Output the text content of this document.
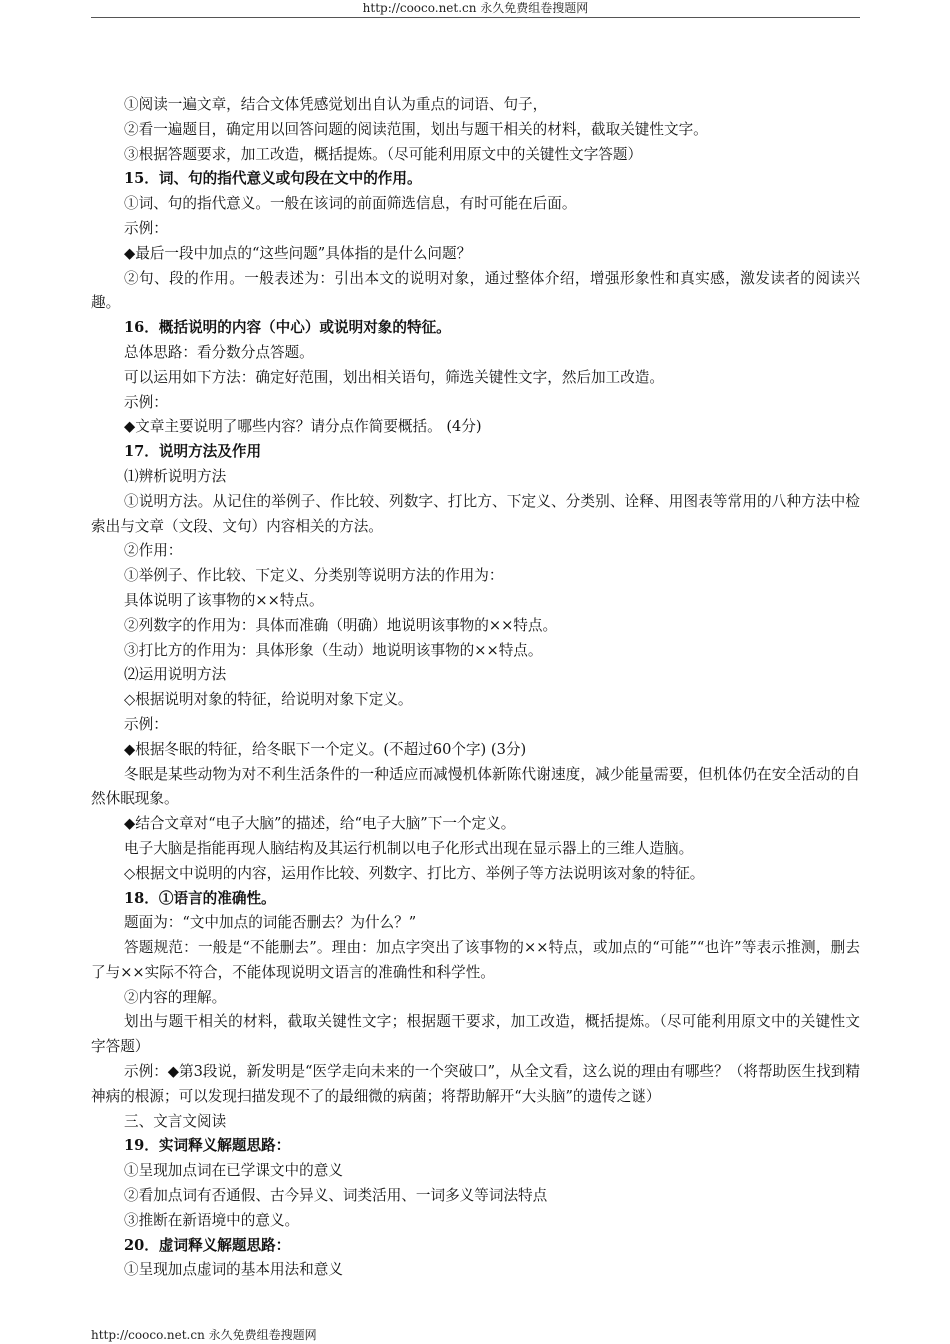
http://cooco.net.cn 永久免费组卷搜题网
①阅读一遍文章，结合文体凭感觉划出自认为重点的词语、句子，
②看一遍题目，确定用以回答问题的阅读范围，划出与题干相关的材料，截取关键性文字。
③根据答题要求，加工改造，概括提炼。（尽可能利用原文中的关键性文字答题）
15．词、句的指代意义或句段在文中的作用。
①词、句的指代意义。一般在该词的前面筛选信息，有时可能在后面。
示例：
◆最后一段中加点的“这些问题”具体指的是什么问题？
②句、段的作用。一般表述为：引出本文的说明对象，通过整体介绍，增强形象性和真实感，激发读者的阅读兴趣。
16．概括说明的内容（中心）或说明对象的特征。
总体思路：看分数分点答题。
可以运用如下方法：确定好范围，划出相关语句，筛选关键性文字，然后加工改造。
示例：
◆文章主要说明了哪些内容？请分点作简要概括。 (4分)
17．说明方法及作用
⑴辨析说明方法
①说明方法。从记住的举例子、作比较、列数字、打比方、下定义、分类别、诠释、用图表等常用的八种方法中检索出与文章（文段、文句）内容相关的方法。
②作用：
①举例子、作比较、下定义、分类别等说明方法的作用为：
具体说明了该事物的××特点。
②列数字的作用为：具体而准确（明确）地说明该事物的××特点。
③打比方的作用为：具体形象（生动）地说明该事物的××特点。
⑵运用说明方法
◇根据说明对象的特征，给说明对象下定义。
示例：
◆根据冬眠的特征，给冬眠下一个定义。(不超过60个字) (3分)
冬眠是某些动物为对不利生活条件的一种适应而减慢机体新陈代谢速度，减少能量需要，但机体仍在安全活动的自然休眠现象。
◆结合文章对“电子大脑”的描述，给“电子大脑”下一个定义。
电子大脑是指能再现人脑结构及其运行机制以电子化形式出现在显示器上的三维人造脑。
◇根据文中说明的内容，运用作比较、列数字、打比方、举例子等方法说明该对象的特征。
18．①语言的准确性。
题面为：“文中加点的词能否删去？为什么？”
答题规范：一般是“不能删去”。理由：加点字突出了该事物的××特点，或加点的“可能”“也许”等表示推测，删去了与××实际不符合，不能体现说明文语言的准确性和科学性。
②内容的理解。
划出与题干相关的材料，截取关键性文字；根据题干要求，加工改造，概括提炼。（尽可能利用原文中的关键性文字答题）
示例：◆第3段说，新发明是“医学走向未来的一个突破口”，从全文看，这么说的理由有哪些？（将帮助医生找到精神病的根源；可以发现扫描发现不了的最细微的病菌；将帮助解开“大头脑”的遗传之谜）
三、文言文阅读
19．实词释义解题思路：
①呈现加点词在已学课文中的意义
②看加点词有否通假、古今异义、词类活用、一词多义等词法特点
③推断在新语境中的意义。
20．虚词释义解题思路：
①呈现加点虚词的基本用法和意义
http://cooco.net.cn 永久免费组卷搜题网
